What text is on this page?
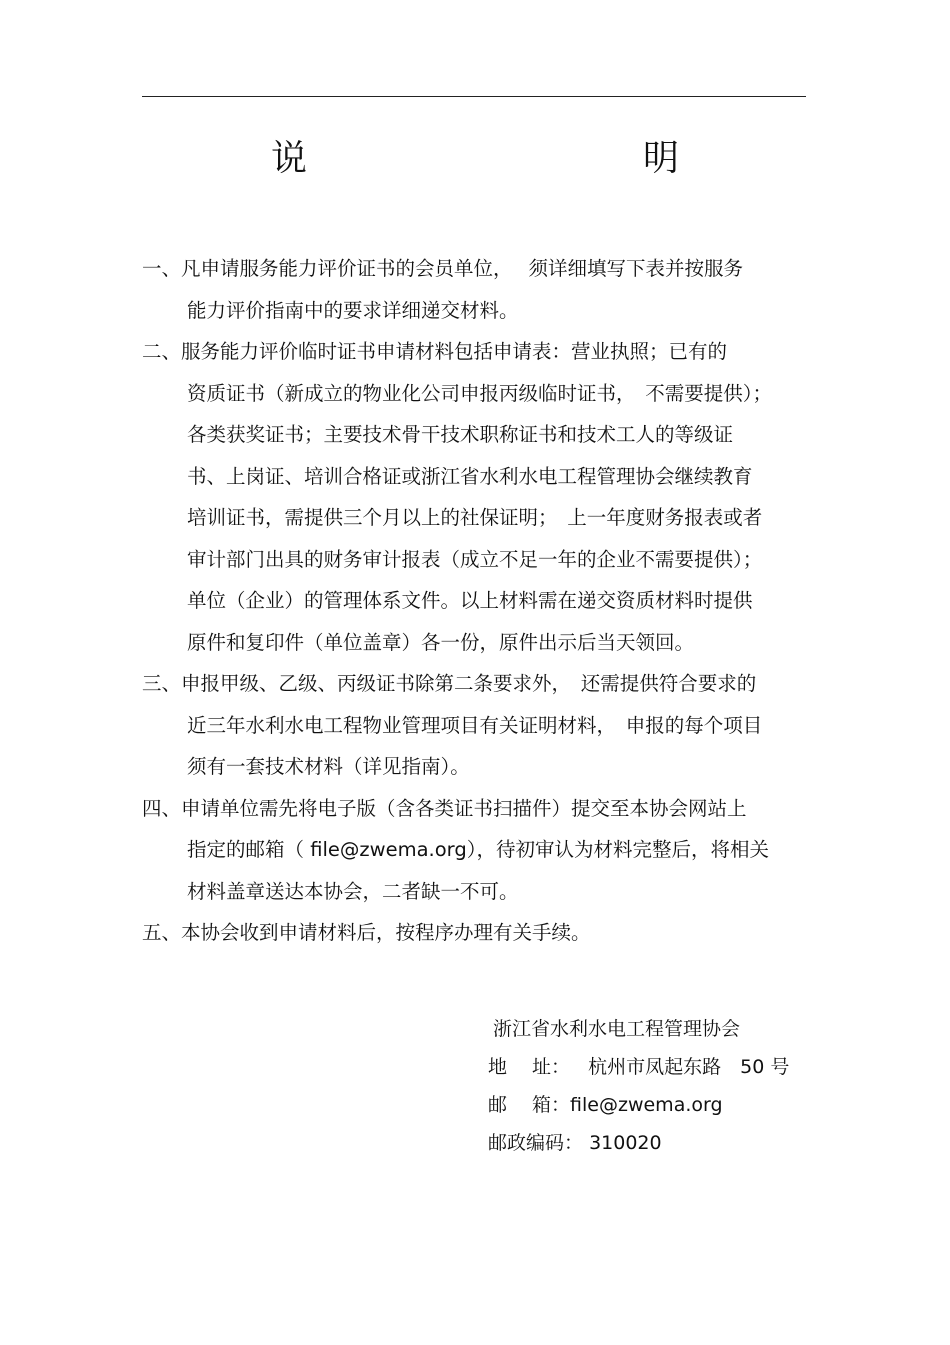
说　　明
一、凡申请服务能力评价证书的会员单位，　 须详细填写下表并按服务
能力评价指南中的要求详细递交材料。
二、服务能力评价临时证书申请材料包括申请表：营业执照；已有的
资质证书（新成立的物业化公司申报丙级临时证书，　不需要提供）；
各类获奖证书；主要技术骨干技术职称证书和技术工人的等级证
书、上岗证、培训合格证或浙江省水利水电工程管理协会继续教育
培训证书，需提供三个月以上的社保证明；　上一年度财务报表或者
审计部门出具的财务审计报表（成立不足一年的企业不需要提供）；
单位（企业）的管理体系文件。以上材料需在递交资质材料时提供
原件和复印件（单位盖章）各一份，原件出示后当天领回。
三、申报甲级、乙级、丙级证书除第二条要求外，　还需提供符合要求的
近三年水利水电工程物业管理项目有关证明材料，　申报的每个项目
须有一套技术材料（详见指南）。
四、申请单位需先将电子版（含各类证书扫描件）提交至本协会网站上
指定的邮箱（ file@zwema.org），待初审认为材料完整后，将相关
材料盖章送达本协会，二者缺一不可。
五、本协会收到申请材料后，按程序办理有关手续。
浙江省水利水电工程管理协会
地　 址： 杭州市凤起东路　50 号
邮　 箱：file@zwema.org
邮政编码： 310020
